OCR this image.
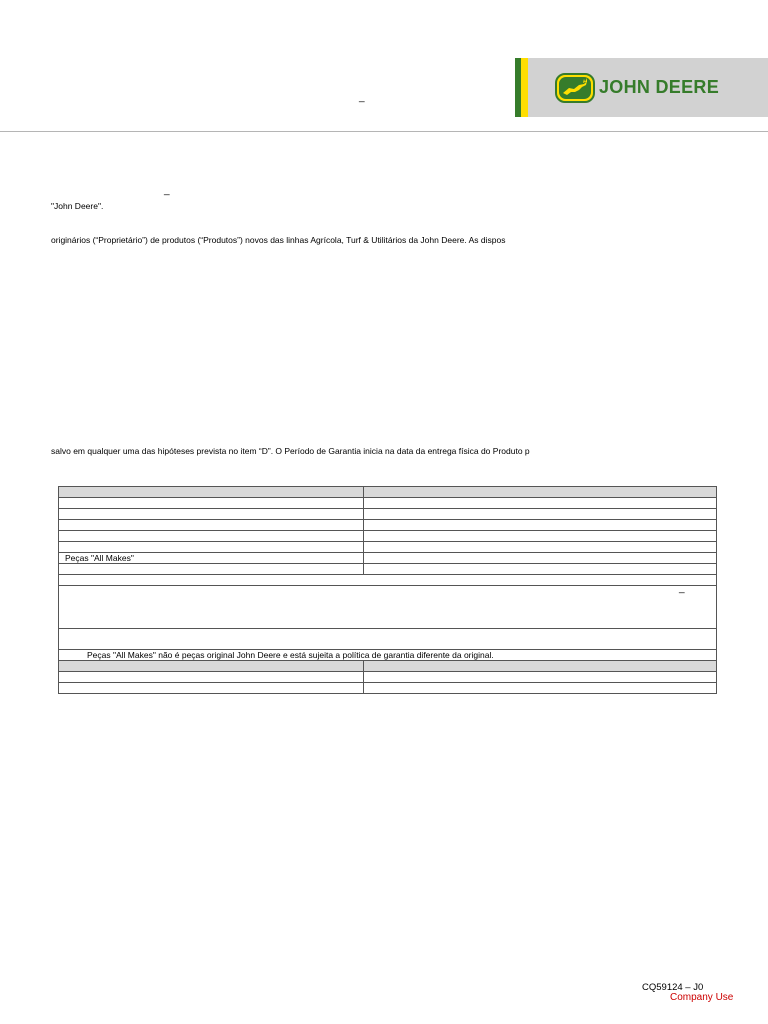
_
JOHN DEERE
_
"John Deere".
originários (“Proprietário”) de produtos (“Produtos”) novos das linhas Agrícola, Turf & Utilitários da John Deere. As dispos
salvo em qualquer uma das hipóteses prevista no item “D”. O Período de Garantia inicia na data da entrega física do Produto p

Peças "All Makes"	

_	

Peças "All Makes" não é peças original John Deere e está sujeita a política de garantia diferente da original.	

CQ59124 – J0
Company Use
